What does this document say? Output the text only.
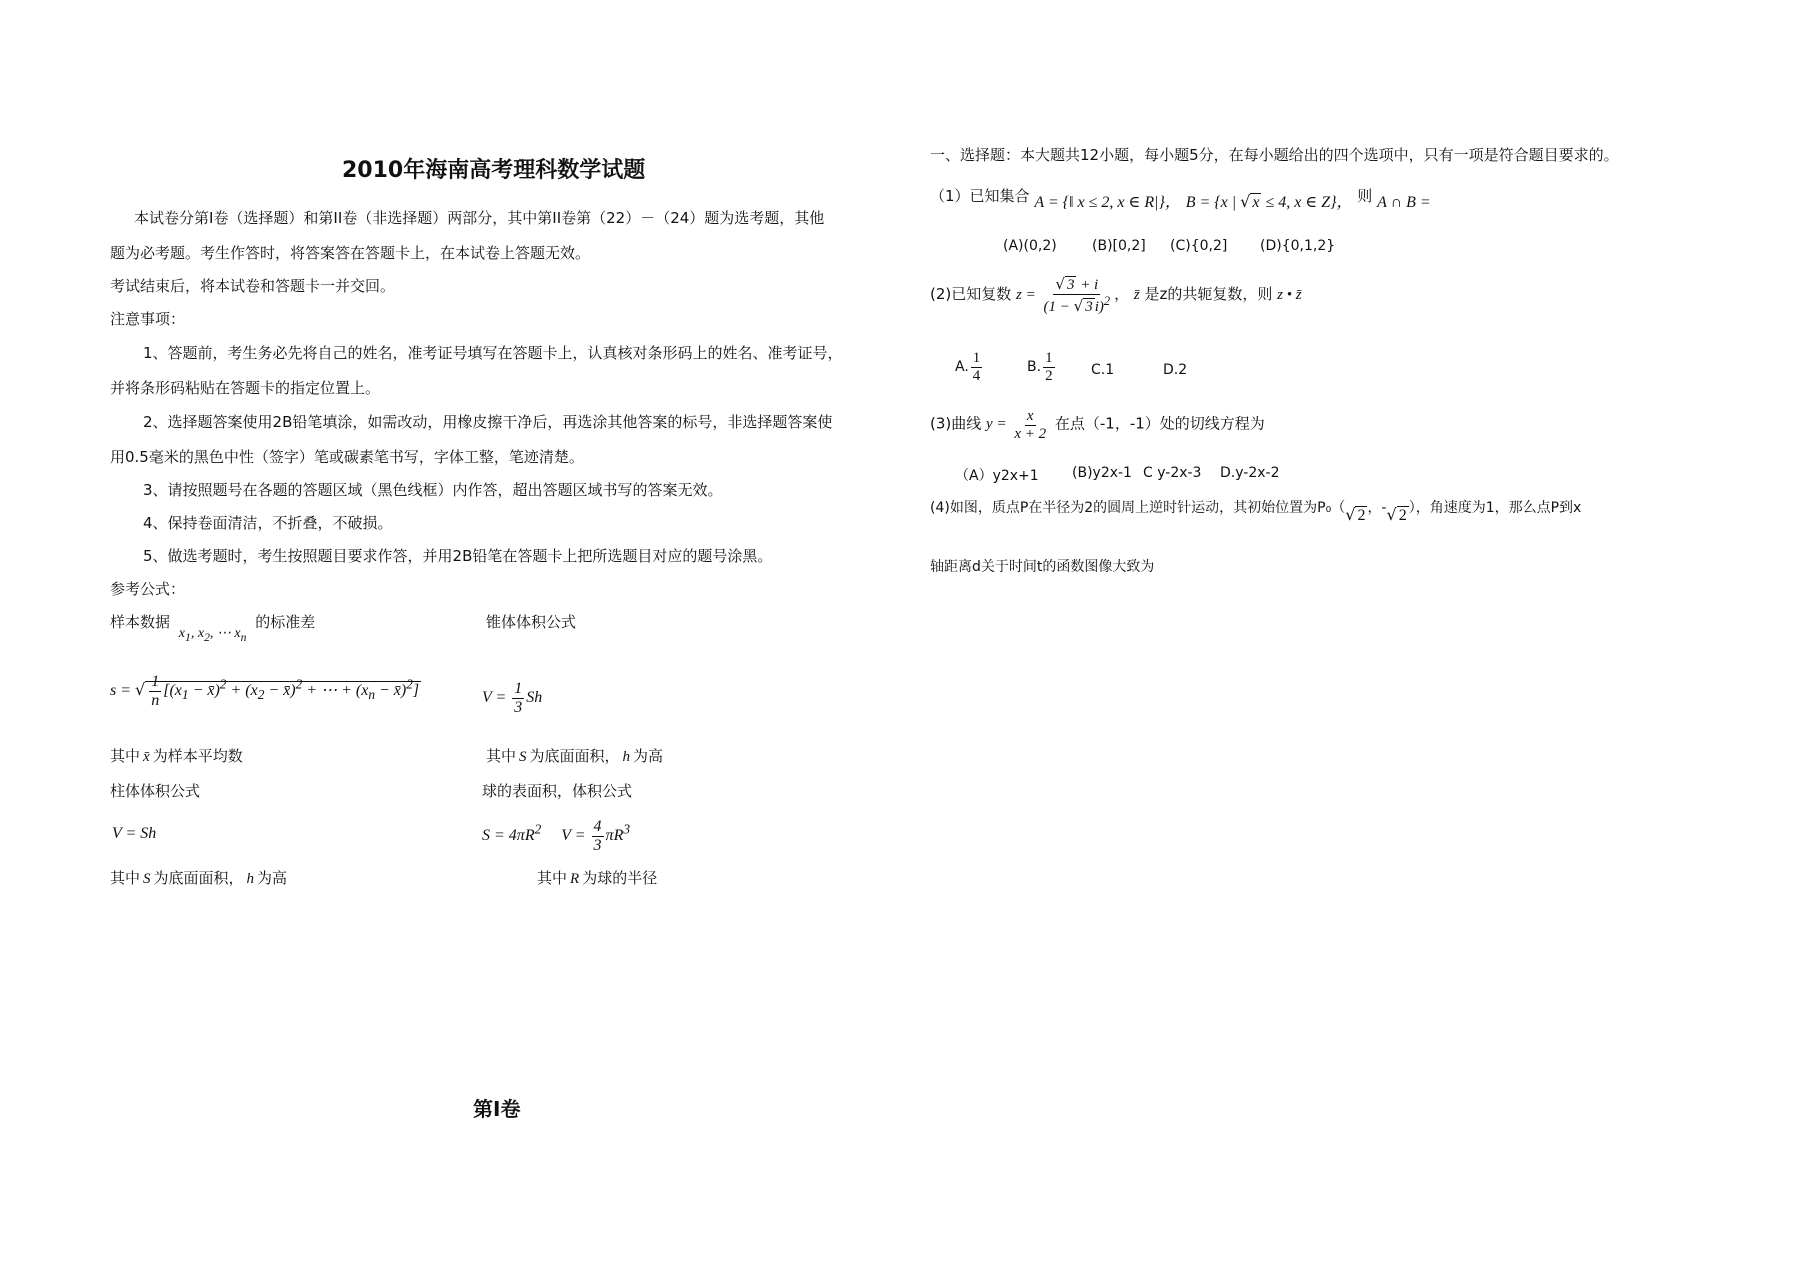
2010年海南高考理科数学试题
本试卷分第Ⅰ卷（选择题）和第II卷（非选择题）两部分，其中第II卷第（22）－（24）题为选考题，其他
题为必考题。考生作答时，将答案答在答题卡上，在本试卷上答题无效。
考试结束后，将本试卷和答题卡一并交回。
注意事项：
1、答题前，考生务必先将自己的姓名，准考证号填写在答题卡上，认真核对条形码上的姓名、准考证号，
并将条形码粘贴在答题卡的指定位置上。
2、选择题答案使用2B铅笔填涂，如需改动，用橡皮擦干净后，再选涂其他答案的标号，非选择题答案使
用0.5毫米的黑色中性（签字）笔或碳素笔书写，字体工整，笔迹清楚。
3、请按照题号在各题的答题区域（黑色线框）内作答，超出答题区域书写的答案无效。
4、保持卷面清洁，不折叠，不破损。
5、做选考题时，考生按照题目要求作答，并用2B铅笔在答题卡上把所选题目对应的题号涂黑。
参考公式：
样本数据 $x_1$, $x_2$, ⋯ $x_n$ 的标准差	锥体体积公式
s = √ $\frac{1}{n} [(x_1$ − x̄)$^2$ + ($x_2$ − x̄)$^2$ + ⋯ + ($x_n$ − x̄)$^2$]	$V = \frac{1}{3}$ Sh
其中 x̄ 为样本平均数	其中 S 为底面面积， h 为高
柱体体积公式	球的表面积，体积公式
V = Sh	$S = 4\pi R^2$     $V = \frac{4}{3} \pi R^3$
其中 S 为底面面积， h 为高	其中 R 为球的半径
第Ⅰ卷
一、选择题：本大题共12小题，每小题5分，在每小题给出的四个选项中，只有一项是符合题目要求的。
（1）已知集合 A = {‖ x ≤ 2, x ∈ R|}， B = {x | √ x ≤ 4, x ∈ Z}， 则 A ∩ B =
(A)(0,2)	(B)[0,2] (C){0,2] (D){0,1,2}
(2)已知复数 $z = \frac{√ 3 + i}{(1 - √ 3 i)^2}$ ， z̄ 是z的共轭复数，则 z • z̄
A. $\frac{1}{4}$	B. $\frac{1}{2}$	C.1	D.2
(3)曲线 $y = \frac{x}{x + 2}$ 在点（-1，-1）处的切线方程为
（A）y2x+1 (B)y2x-1 C y-2x-3 D.y-2x-2
(4)如图，质点P在半径为2的圆周上逆时针运动，其初始位置为P₀（√ 2 ，-√ 2 ），角速度为1，那么点P到x
轴距离d关于时间t的函数图像大致为
